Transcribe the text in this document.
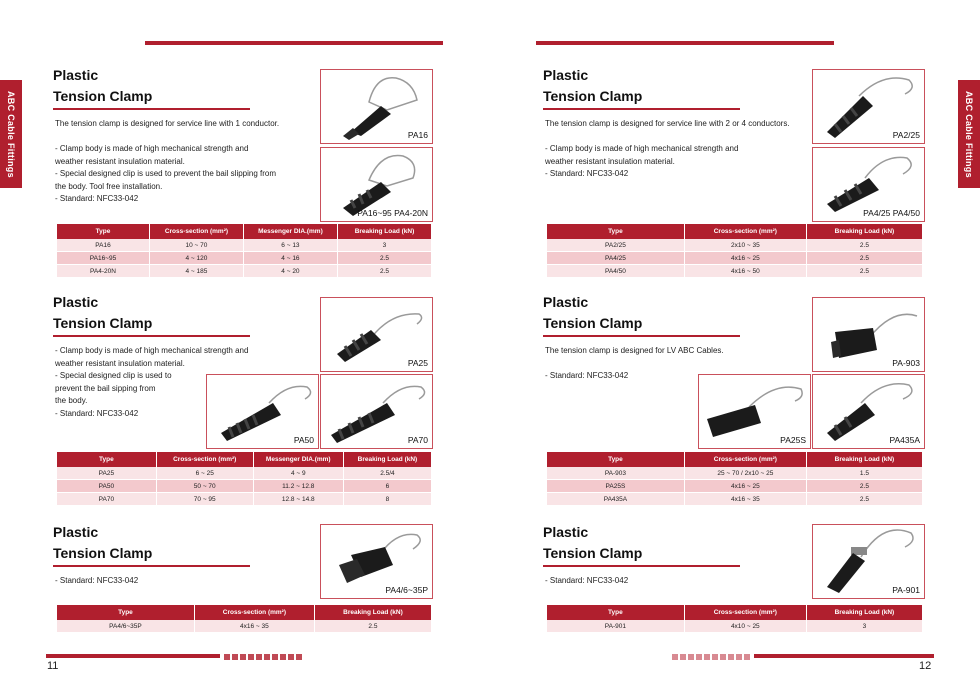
ABC Cable Fittings	ABC Cable Fittings
Plastic
Tension Clamp
The tension clamp is designed for service line with 1 conductor.

- Clamp body is made of high mechanical strength and
weather resistant insulation material.
- Special designed clip is used to prevent the bail slipping from
the body. Tool free installation.
- Standard: NFC33-042
PA16
PA16~95 PA4-20N
Type	Cross-section (mm²)	Messenger DIA.(mm)	Breaking Load (kN)
PA16	10 ~ 70	6 ~ 13	3
PA16~95	4 ~ 120	4 ~ 16	2.5
PA4-20N	4 ~ 185	4 ~ 20	2.5
Plastic
Tension Clamp
- Clamp body is made of high mechanical strength and
weather resistant insulation material.
- Special designed clip is used to
prevent the bail sipping from
the body.
- Standard: NFC33-042
PA25
PA50	PA70
Type	Cross-section (mm²)	Messenger DIA.(mm)	Breaking Load (kN)
PA25	6 ~ 25	4 ~ 9	2.5/4
PA50	50 ~ 70	11.2 ~ 12.8	6
PA70	70 ~ 95	12.8 ~ 14.8	8
Plastic
Tension Clamp
- Standard: NFC33-042
PA4/6~35P
Type	Cross-section (mm²)	Breaking Load (kN)
PA4/6~35P	4x16 ~ 35	2.5
Plastic
Tension Clamp
The tension clamp is designed for service line with 2 or 4 conductors.

- Clamp body is made of high mechanical strength and
weather resistant insulation material.
- Standard: NFC33-042
PA2/25
PA4/25 PA4/50
Type	Cross-section (mm²)	Breaking Load (kN)
PA2/25	2x10 ~ 35	2.5
PA4/25	4x16 ~ 25	2.5
PA4/50	4x16 ~ 50	2.5
Plastic
Tension Clamp
The tension clamp is designed for LV ABC Cables.

- Standard: NFC33-042
PA-903
PA25S	PA435A
Type	Cross-section (mm²)	Breaking Load (kN)
PA-903	25 ~ 70 / 2x10 ~ 25	1.5
PA25S	4x16 ~ 25	2.5
PA435A	4x16 ~ 35	2.5
Plastic
Tension Clamp
- Standard: NFC33-042
PA-901
Type	Cross-section (mm²)	Breaking Load (kN)
PA-901	4x10 ~ 25	3
11	12
